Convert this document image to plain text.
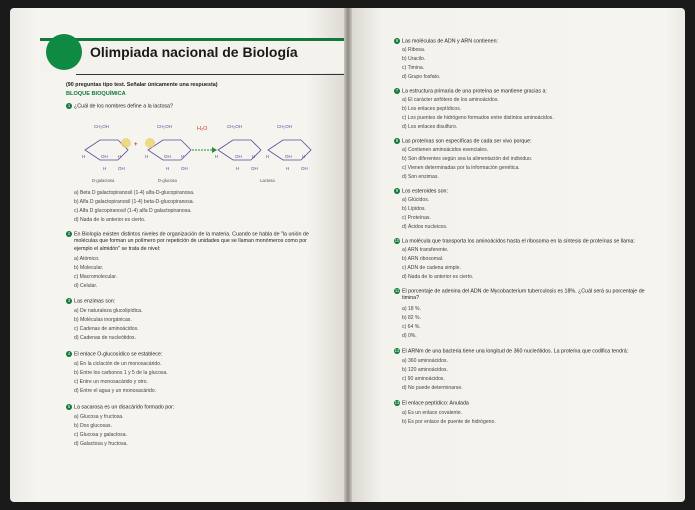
Olimpiada nacional de Biología
(90 preguntas tipo test. Señalar únicamente una respuesta)
BLOQUE BIOQUÍMICA
1 ¿Cuál de los nombres define a la lactosa?
+
H₂O
CH₂OH	CH₂OH	CH₂OH	CH₂OH
H	OH H	H	OH H	H	OH H H	OH H
H	OH	H	OH	H	OH	H	OH
D-galactosa	D-glucosa	Lactosa
a) Beta D galactopiranosil (1-4) alfa-D-glucopiranosa.
b) Alfa D galactopiranosil (1-4) beta-D-glucopiranosa.
c) Alfa D glucopiranosil (1-4) alfa D galactopiranosa.
d) Nada de lo anterior es cierto.
2 En Biología existen distintos niveles de organización de la materia. Cuando se habla de "la unión de
moléculas que forman un polímero por repetición de unidades que se llaman monómeros como por
ejemplo el almidón" se trata de nivel:
a) Atómico.
b) Molecular.
c) Macromolecular.
d) Celular.
3 Las enzimas son:
a) De naturaleza glucolipídica.
b) Moléculas inorgánicas.
c) Cadenas de aminoácidos.
d) Cadenas de nucleótidos.
4 El enlace O-glucosídico se establece:
a) En la ciclación de un monosacárido.
b) Entre los carbonos 1 y 5 de la glucosa.
c) Entre un monosacárido y otro.
d) Entre el agua y un monosacárido.
5 La sacarosa es un disacárido formado por:
a) Glucosa y fructosa.
b) Dos glucosas.
c) Glucosa y galactosa.
d) Galactosa y fructosa.
6 Las moléculas de ADN y ARN contienen:
a) Ribosa.
b) Uracilo.
c) Timina.
d) Grupo fosfato.
7 La estructura primaria de una proteína se mantiene gracias a:
a) El carácter anfótero de los aminoácidos.
b) Los enlaces peptídicos.
c) Los puentes de hidrógeno formados entre distintos aminoácidos.
d) Los enlaces disulfuro.
8 Las proteínas son específicas de cada ser vivo porque:
a) Contienen aminoácidos esenciales.
b) Son diferentes según sea la alimentación del individuo.
c) Vienen determinadas por la información genética.
d) Son enzimas.
9 Los esteroides son:
a) Glúcidos.
b) Lípidos.
c) Proteínas.
d) Ácidos nucleicos.
10 La molécula que transporta los aminoácidos hasta el ribosoma en la síntesis de proteínas se llama:
a) ARN transferente.
b) ARN ribosomal.
c) ADN de cadena simple.
d) Nada de lo anterior es cierto.
11 El porcentaje de adenina del ADN de Mycobacterium tuberculosis es 18%. ¿Cuál será su porcentaje de
timina?
a) 18 %.
b) 82 %.
c) 64 %.
d) 0%.
12 El ARNm de una bacteria tiene una longitud de 360 nucleótidos. La proteína que codifica tendrá:
a) 360 aminoácidos.
b) 120 aminoácidos.
c) 90 aminoácidos.
d) No puede determinarse.
13 El enlace peptídico: Anulada
a) Es un enlace covalente.
b) Es por enlace de puente de hidrógeno.
